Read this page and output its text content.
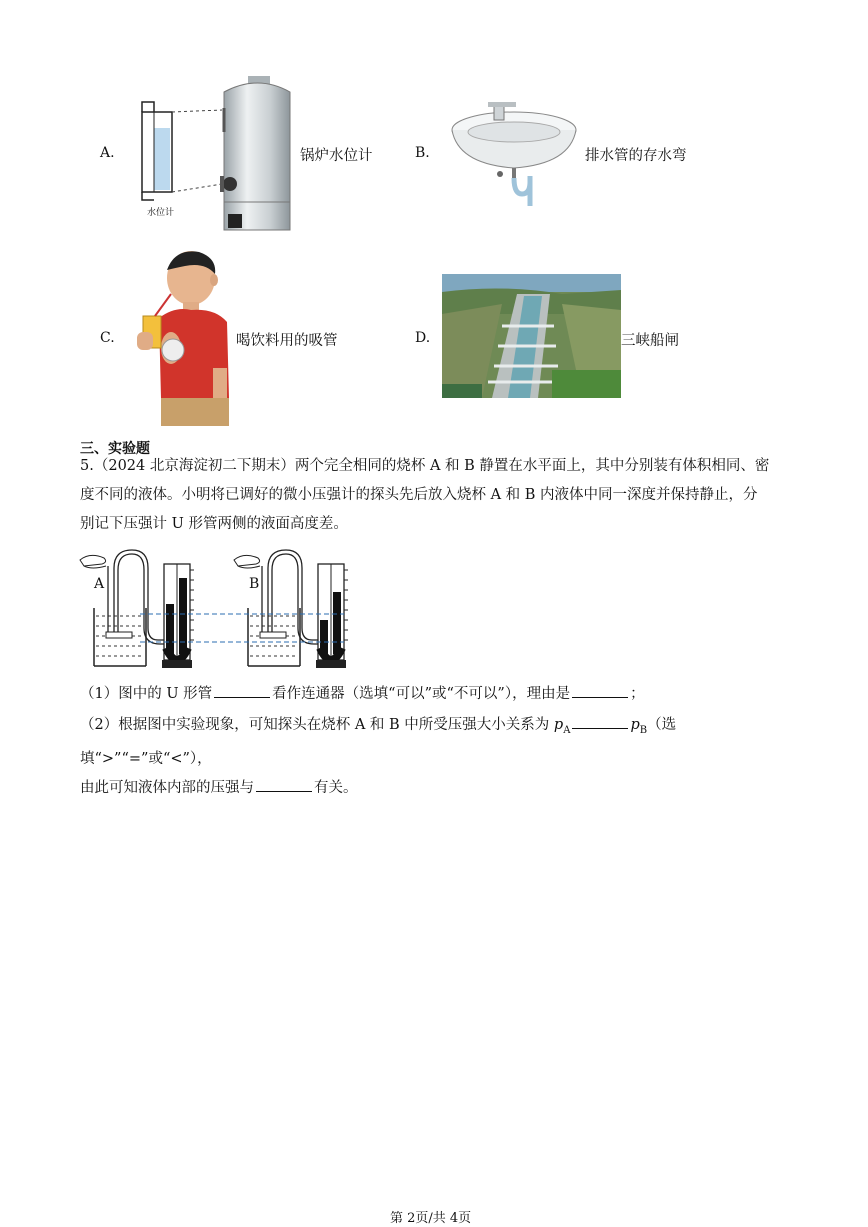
A.
水位计
锅炉水位计	B.	排水管的存水弯
C.	喝饮料用的吸管	D.	三峡船闸
三、实验题
5.（2024 北京海淀初二下期末）两个完全相同的烧杯 A 和 B 静置在水平面上，其中分别装有体积相同、密
度不同的液体。小明将已调好的微小压强计的探头先后放入烧杯 A 和 B 内液体中同一深度并保持静止，分
别记下压强计 U 形管两侧的液面高度差。
A	B
（1）图中的 U 形管	看作连通器（选填“可以”或“不可以”），理由是	；
（2）根据图中实验现象，可知探头在烧杯 A 和 B 中所受压强大小关系为 $p_A$	$p_B$（选填“>”“=”或“<”），
由此可知液体内部的压强与	有关。
第 2页/共 4页
